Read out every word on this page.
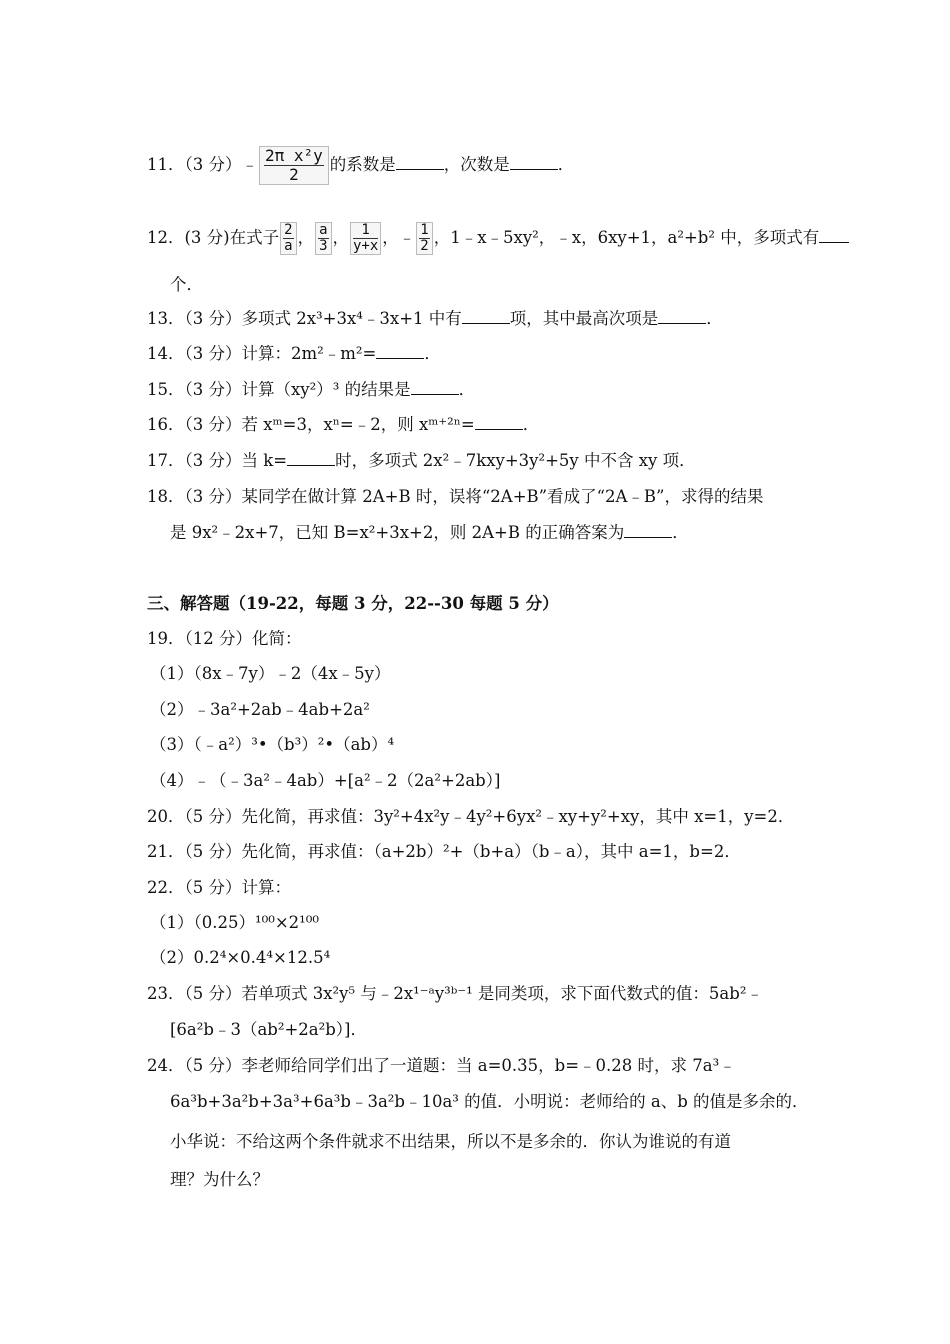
11．（3 分）﹣ $\frac{\text{2π x²y}}{2}$ 的系数是	，次数是	．
12．(3 分)在式子 $\frac{2}{a}$ ， $\frac{a}{3}$ ， $\frac{1}{y+x}$ ，﹣ $\frac{1}{2}$ ，1﹣x﹣5xy²，﹣x，6xy+1，a²+b² 中，多项式有
个．
13．（3 分）多项式 2x³+3x⁴﹣3x+1 中有	项，其中最高次项是	．
14．（3 分）计算：2m²﹣m²=	．
15．（3 分）计算（xy²）³ 的结果是	．
16．（3 分）若 xᵐ=3，xⁿ=﹣2，则 xᵐ⁺²ⁿ=	．
17．（3 分）当 k=	时，多项式 2x²﹣7kxy+3y²+5y 中不含 xy 项．
18．（3 分）某同学在做计算 2A+B 时，误将“2A+B”看成了“2A﹣B”，求得的结果
是 9x²﹣2x+7，已知 B=x²+3x+2，则 2A+B 的正确答案为	．
三、解答题（19-22，每题 3 分，22--30 每题 5 分）
19．（12 分）化简：
（1）（8x﹣7y）﹣2（4x﹣5y）
（2）﹣3a²+2ab﹣4ab+2a²
（3）（﹣a²）³•（b³）²•（ab）⁴
（4）﹣（﹣3a²﹣4ab）+[a²﹣2（2a²+2ab）]
20．（5 分）先化简，再求值：3y²+4x²y﹣4y²+6yx²﹣xy+y²+xy，其中 x=1，y=2．
21．（5 分）先化简，再求值：（a+2b）²+（b+a）（b﹣a），其中 a=1，b=2．
22．（5 分）计算：
（1）（0.25）¹⁰⁰×2¹⁰⁰
（2）0.2⁴×0.4⁴×12.5⁴
23．（5 分）若单项式 3x²y⁵ 与﹣2x¹⁻ᵃy³ᵇ⁻¹ 是同类项，求下面代数式的值：5ab²﹣
[6a²b﹣3（ab²+2a²b）]．
24．（5 分）李老师给同学们出了一道题：当 a=0.35，b=﹣0.28 时，求 7a³﹣
6a³b+3a²b+3a³+6a³b﹣3a²b﹣10a³ 的值．小明说：老师给的 a、b 的值是多余的．
小华说：不给这两个条件就求不出结果，所以不是多余的．你认为谁说的有道
理？为什么？
